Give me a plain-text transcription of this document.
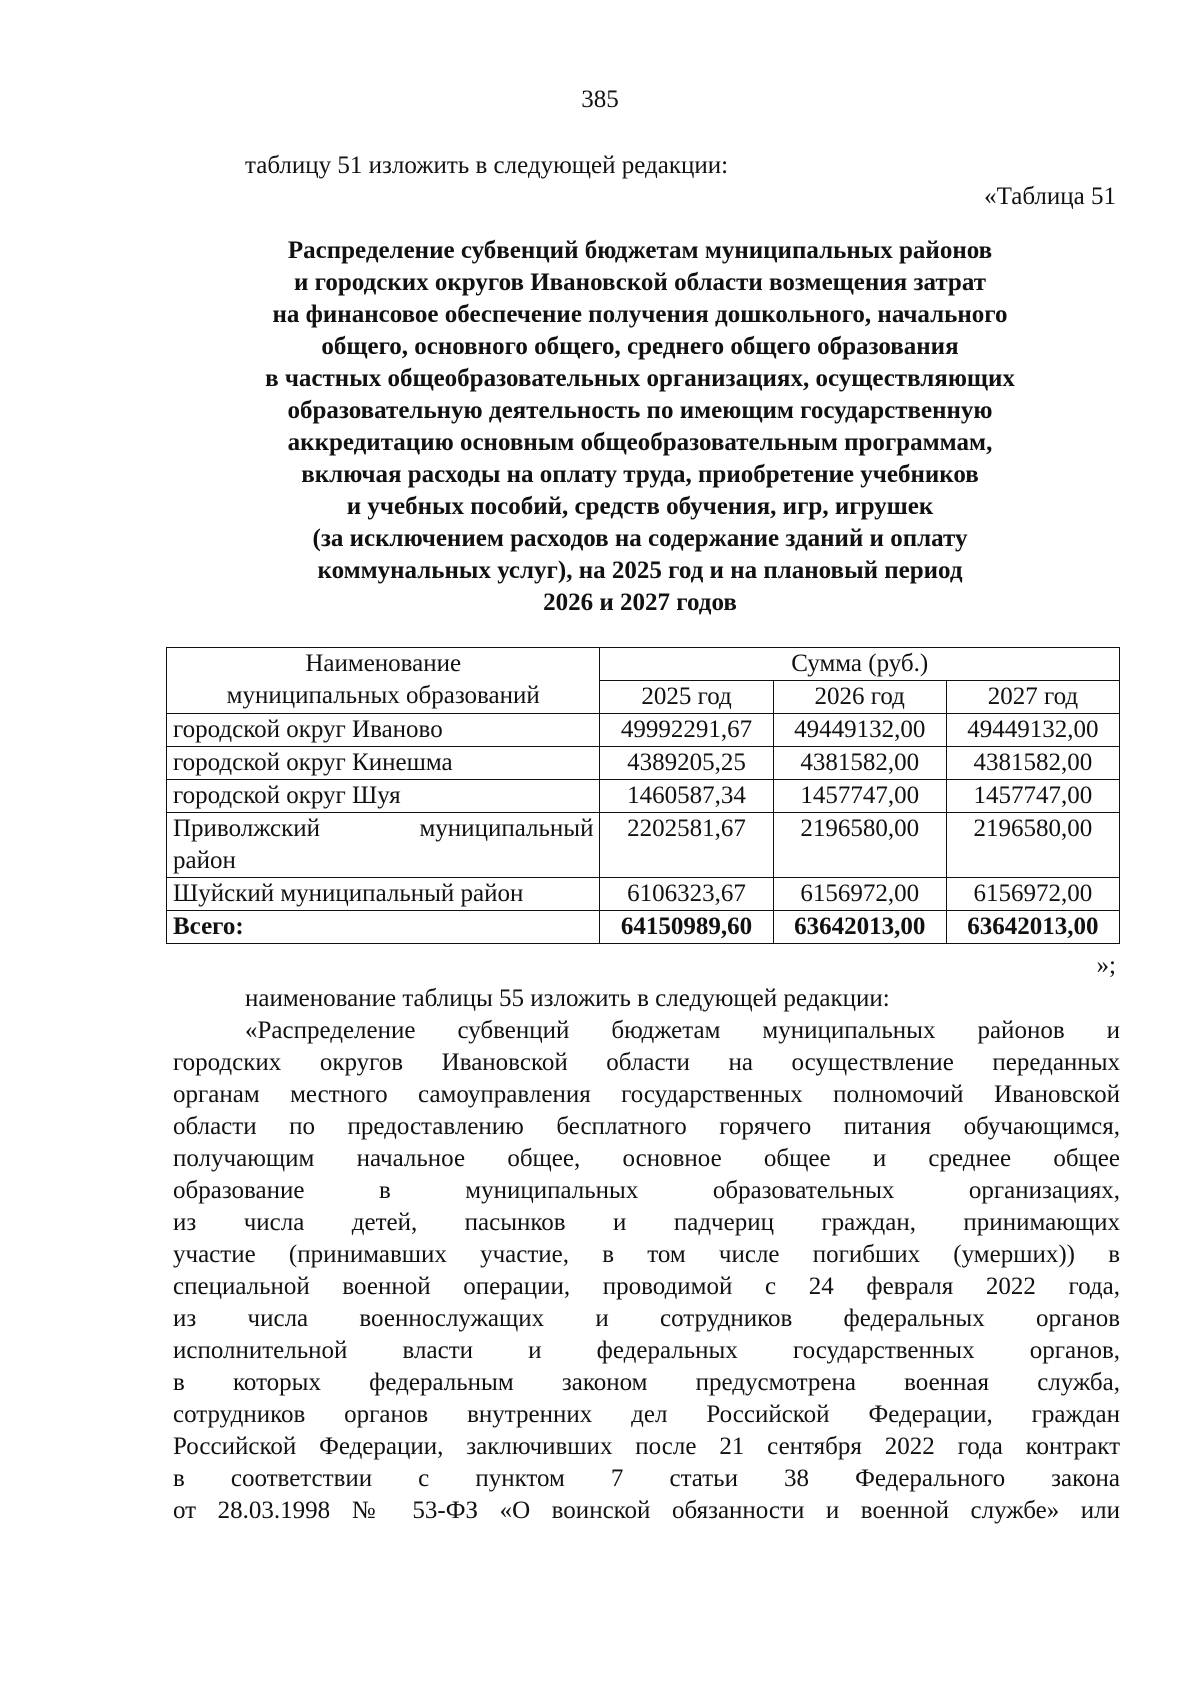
385
таблицу 51 изложить в следующей редакции:
«Таблица 51
Распределение субвенций бюджетам муниципальных районов
и городских округов Ивановской области возмещения затрат
на финансовое обеспечение получения дошкольного, начального
общего, основного общего, среднего общего образования
в частных общеобразовательных организациях, осуществляющих
образовательную деятельность по имеющим государственную
аккредитацию основным общеобразовательным программам,
включая расходы на оплату труда, приобретение учебников
и учебных пособий, средств обучения, игр, игрушек
(за исключением расходов на содержание зданий и оплату
коммунальных услуг), на 2025 год и на плановый период
2026 и 2027 годов
Наименование
муниципальных образований	Сумма (руб.)		
	2025 год	2026 год	2027 год
городской округ Иваново	49992291,67	49449132,00	49449132,00
городской округ Кинешма	4389205,25	4381582,00	4381582,00
городской округ Шуя	1460587,34	1457747,00	1457747,00

Приволжский муниципальный
район	2202581,67	2196580,00	2196580,00
Шуйский муниципальный район	6106323,67	6156972,00	6156972,00
Всего:	64150989,60	63642013,00	63642013,00
»;
наименование таблицы 55 изложить в следующей редакции:
«Распределение субвенций бюджетам муниципальных районов и
городских округов Ивановской области на осуществление переданных
органам местного самоуправления государственных полномочий Ивановской
области по предоставлению бесплатного горячего питания обучающимся,
получающим начальное общее, основное общее и среднее общее
образование в муниципальных образовательных организациях,
из числа детей, пасынков и падчериц граждан, принимающих
участие (принимавших участие, в том числе погибших (умерших)) в
специальной военной операции, проводимой с 24 февраля 2022 года,
из числа военнослужащих и сотрудников федеральных органов
исполнительной власти и федеральных государственных органов,
в которых федеральным законом предусмотрена военная служба,
сотрудников органов внутренних дел Российской Федерации, граждан
Российской Федерации, заключивших после 21 сентября 2022 года контракт
в соответствии с пунктом 7 статьи 38 Федерального закона
от 28.03.1998 № 53-ФЗ «О воинской обязанности и военной службе» или
